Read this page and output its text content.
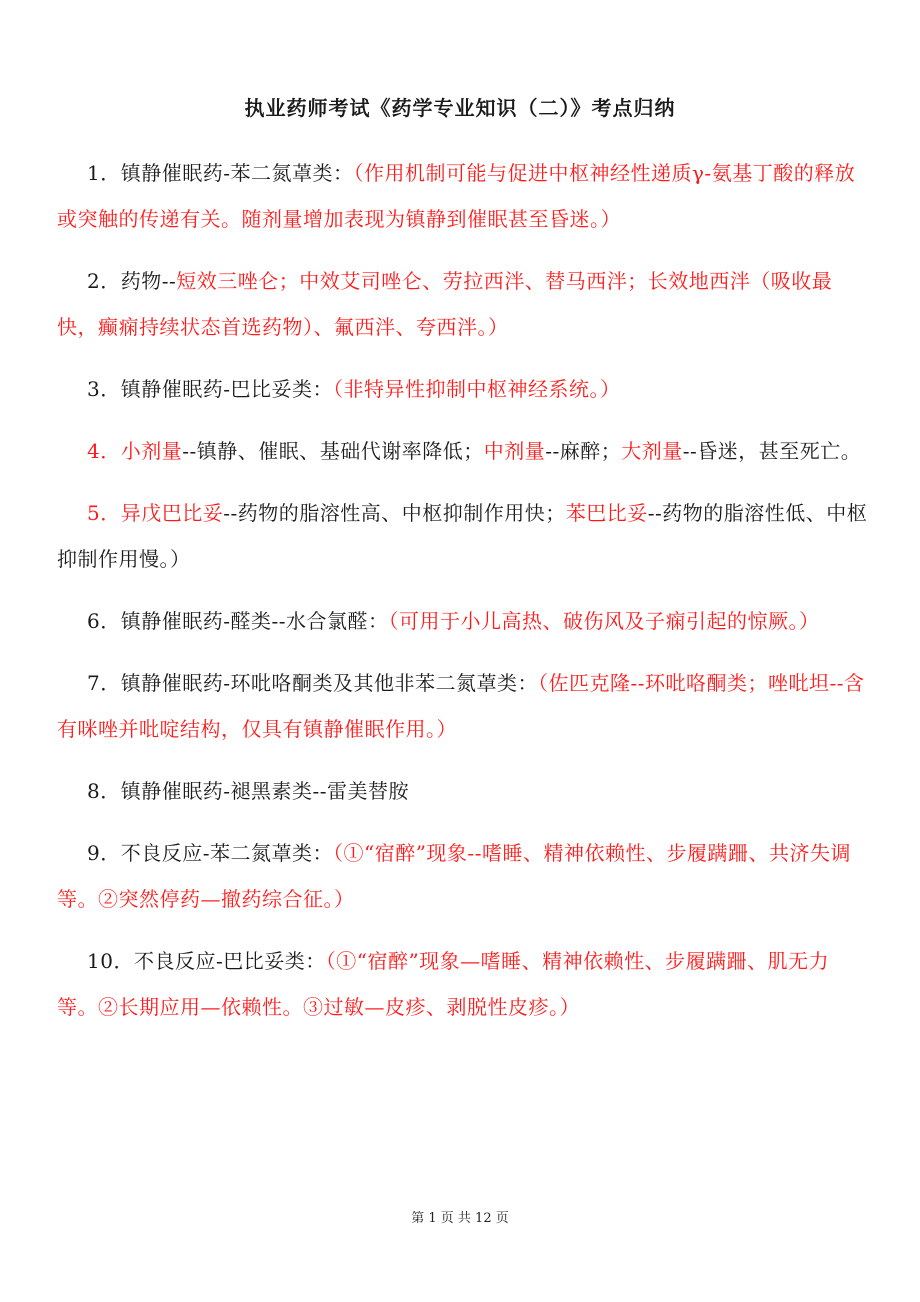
执业药师考试《药学专业知识（二）》考点归纳

1．镇静催眠药-苯二氮䓬类：（作用机制可能与促进中枢神经性递质γ-氨基丁酸的释放或突触的传递有关。随剂量增加表现为镇静到催眠甚至昏迷。）

2．药物--短效三唑仑；中效艾司唑仑、劳拉西泮、替马西泮；长效地西泮（吸收最快，癫痫持续状态首选药物）、氟西泮、夸西泮。）

3．镇静催眠药-巴比妥类：（非特异性抑制中枢神经系统。）

4．小剂量--镇静、催眠、基础代谢率降低；中剂量--麻醉；大剂量--昏迷，甚至死亡。

5．异戊巴比妥--药物的脂溶性高、中枢抑制作用快；苯巴比妥--药物的脂溶性低、中枢抑制作用慢。）

6．镇静催眠药-醛类--水合氯醛：（可用于小儿高热、破伤风及子痫引起的惊厥。）

7．镇静催眠药-环吡咯酮类及其他非苯二氮䓬类：（佐匹克隆--环吡咯酮类；唑吡坦--含有咪唑并吡啶结构，仅具有镇静催眠作用。）

8．镇静催眠药-褪黑素类--雷美替胺

9．不良反应-苯二氮䓬类：（①“宿醉”现象--嗜睡、精神依赖性、步履蹒跚、共济失调等。②突然停药—撤药综合征。）

10．不良反应-巴比妥类：（①“宿醉”现象—嗜睡、精神依赖性、步履蹒跚、肌无力等。②长期应用—依赖性。③过敏—皮疹、剥脱性皮疹。）

第 1 页 共 12 页
